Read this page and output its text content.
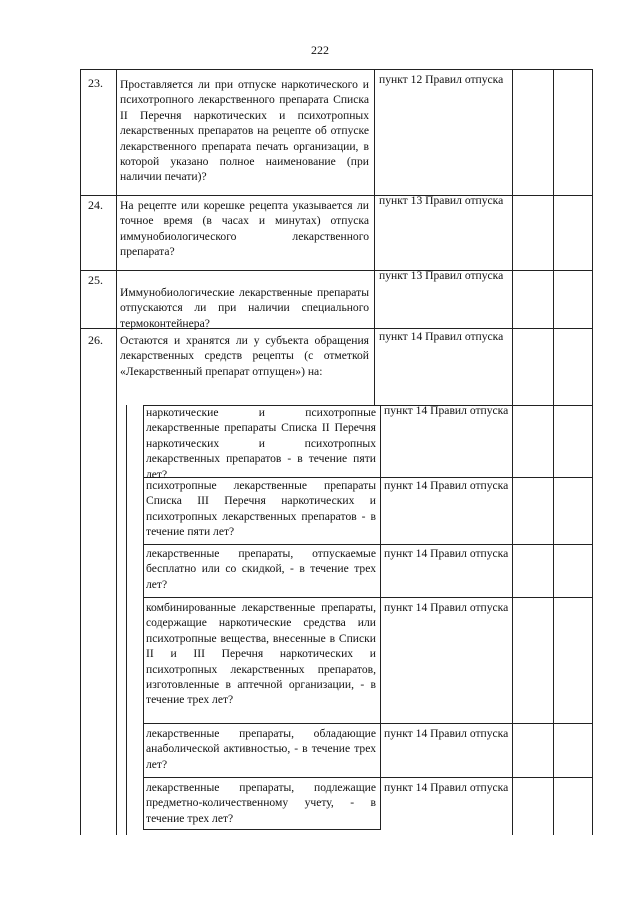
222

23.
24.
25.
26.

Проставляется ли при отпуске наркотического и психотропного лекарственного препарата Списка II Перечня наркотических и психотропных лекарственных препаратов на рецепте об отпуске лекарственного препарата печать организации, в которой указано полное наименование (при наличии печати)?

На рецепте или корешке рецепта указывается ли точное время (в часах и минутах) отпуска иммунобиологического лекарственного препарата?

Иммунобиологические лекарственные препараты отпускаются ли при наличии специального термоконтейнера?

Остаются и хранятся ли у субъекта обращения лекарственных средств рецепты (с отметкой «Лекарственный препарат отпущен») на:

пункт 12 Правил отпуска
пункт 13 Правил отпуска
пункт 13 Правил отпуска
пункт 14 Правил отпуска

наркотические и психотропные лекарственные препараты Списка II Перечня наркотических и психотропных лекарственных препаратов - в течение пяти лет?

психотропные лекарственные препараты Списка III Перечня наркотических и психотропных лекарственных препаратов - в течение пяти лет?

лекарственные препараты, отпускаемые бесплатно или со скидкой, - в течение трех лет?

комбинированные лекарственные препараты, содержащие наркотические средства или психотропные вещества, внесенные в Списки II и III Перечня наркотических и психотропных лекарственных препаратов, изготовленные в аптечной организации, - в течение трех лет?

лекарственные препараты, обладающие анаболической активностью, - в течение трех лет?

лекарственные препараты, подлежащие предметно-количественному учету, - в течение трех лет?

пункт 14 Правил отпуска
пункт 14 Правил отпуска
пункт 14 Правил отпуска
пункт 14 Правил отпуска
пункт 14 Правил отпуска
пункт 14 Правил отпуска
